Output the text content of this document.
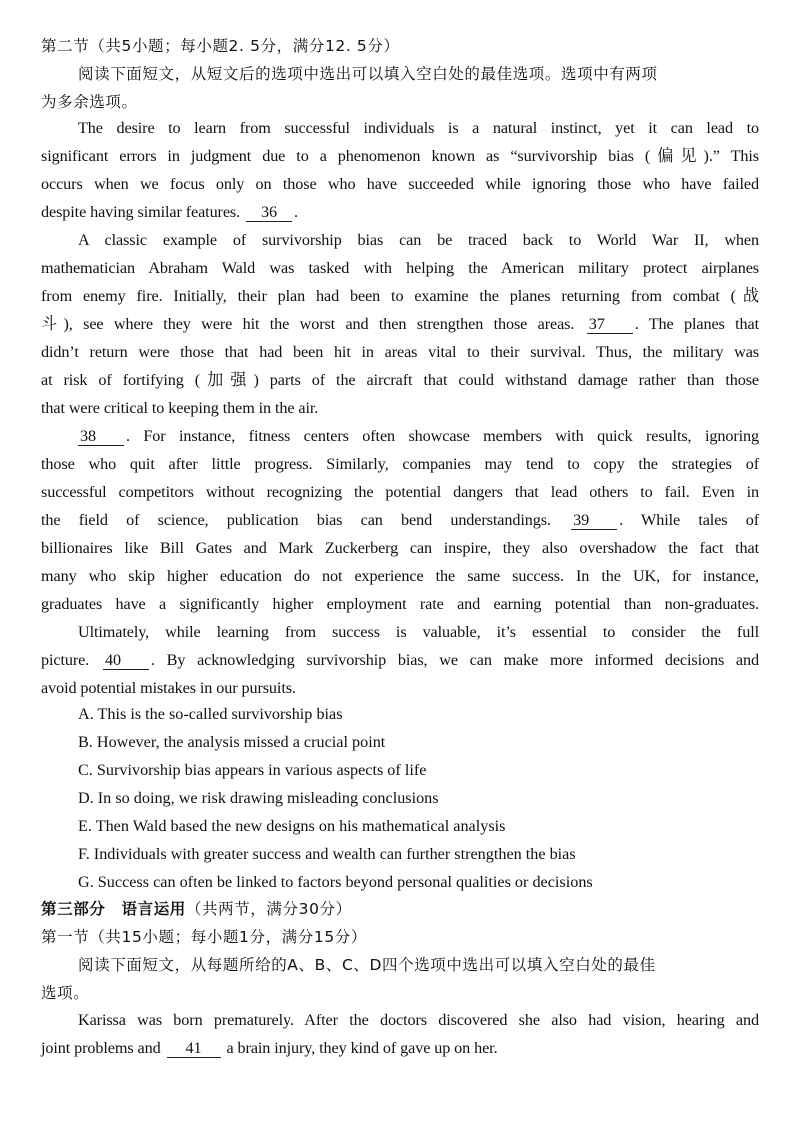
第二节（共5小题；每小题2. 5分，满分12. 5分）
阅读下面短文，从短文后的选项中选出可以填入空白处的最佳选项。选项中有两项
为多余选项。
The desire to learn from successful individuals is a natural instinct, yet it can lead to
significant errors in judgment due to a phenomenon known as “survivorship bias (偏见).” This
occurs when we focus only on those who have succeeded while ignoring those who have failed
despite having similar features. 36 .
A classic example of survivorship bias can be traced back to World War II, when
mathematician Abraham Wald was tasked with helping the American military protect airplanes
from enemy fire. Initially, their plan had been to examine the planes returning from combat (战
斗), see where they were hit the worst and then strengthen those areas. 37 . The planes that
didn’t return were those that had been hit in areas vital to their survival. Thus, the military was
at risk of fortifying (加强) parts of the aircraft that could withstand damage rather than those
that were critical to keeping them in the air.
38 . For instance, fitness centers often showcase members with quick results, ignoring
those who quit after little progress. Similarly, companies may tend to copy the strategies of
successful competitors without recognizing the potential dangers that lead others to fail. Even in
the field of science, publication bias can bend understandings. 39 . While tales of
billionaires like Bill Gates and Mark Zuckerberg can inspire, they also overshadow the fact that
many who skip higher education do not experience the same success. In the UK, for instance,
graduates have a significantly higher employment rate and earning potential than non-graduates.
Ultimately, while learning from success is valuable, it’s essential to consider the full
picture. 40 . By acknowledging survivorship bias, we can make more informed decisions and
avoid potential mistakes in our pursuits.
A. This is the so-called survivorship bias
B. However, the analysis missed a crucial point
C. Survivorship bias appears in various aspects of life
D. In so doing, we risk drawing misleading conclusions
E. Then Wald based the new designs on his mathematical analysis
F. Individuals with greater success and wealth can further strengthen the bias
G. Success can often be linked to factors beyond personal qualities or decisions
第三部分　语言运用（共两节，满分30分）
第一节（共15小题；每小题1分，满分15分）
阅读下面短文，从每题所给的A、B、C、D四个选项中选出可以填入空白处的最佳
选项。
Karissa was born prematurely. After the doctors discovered she also had vision, hearing and
joint problems and 41 a brain injury, they kind of gave up on her.
